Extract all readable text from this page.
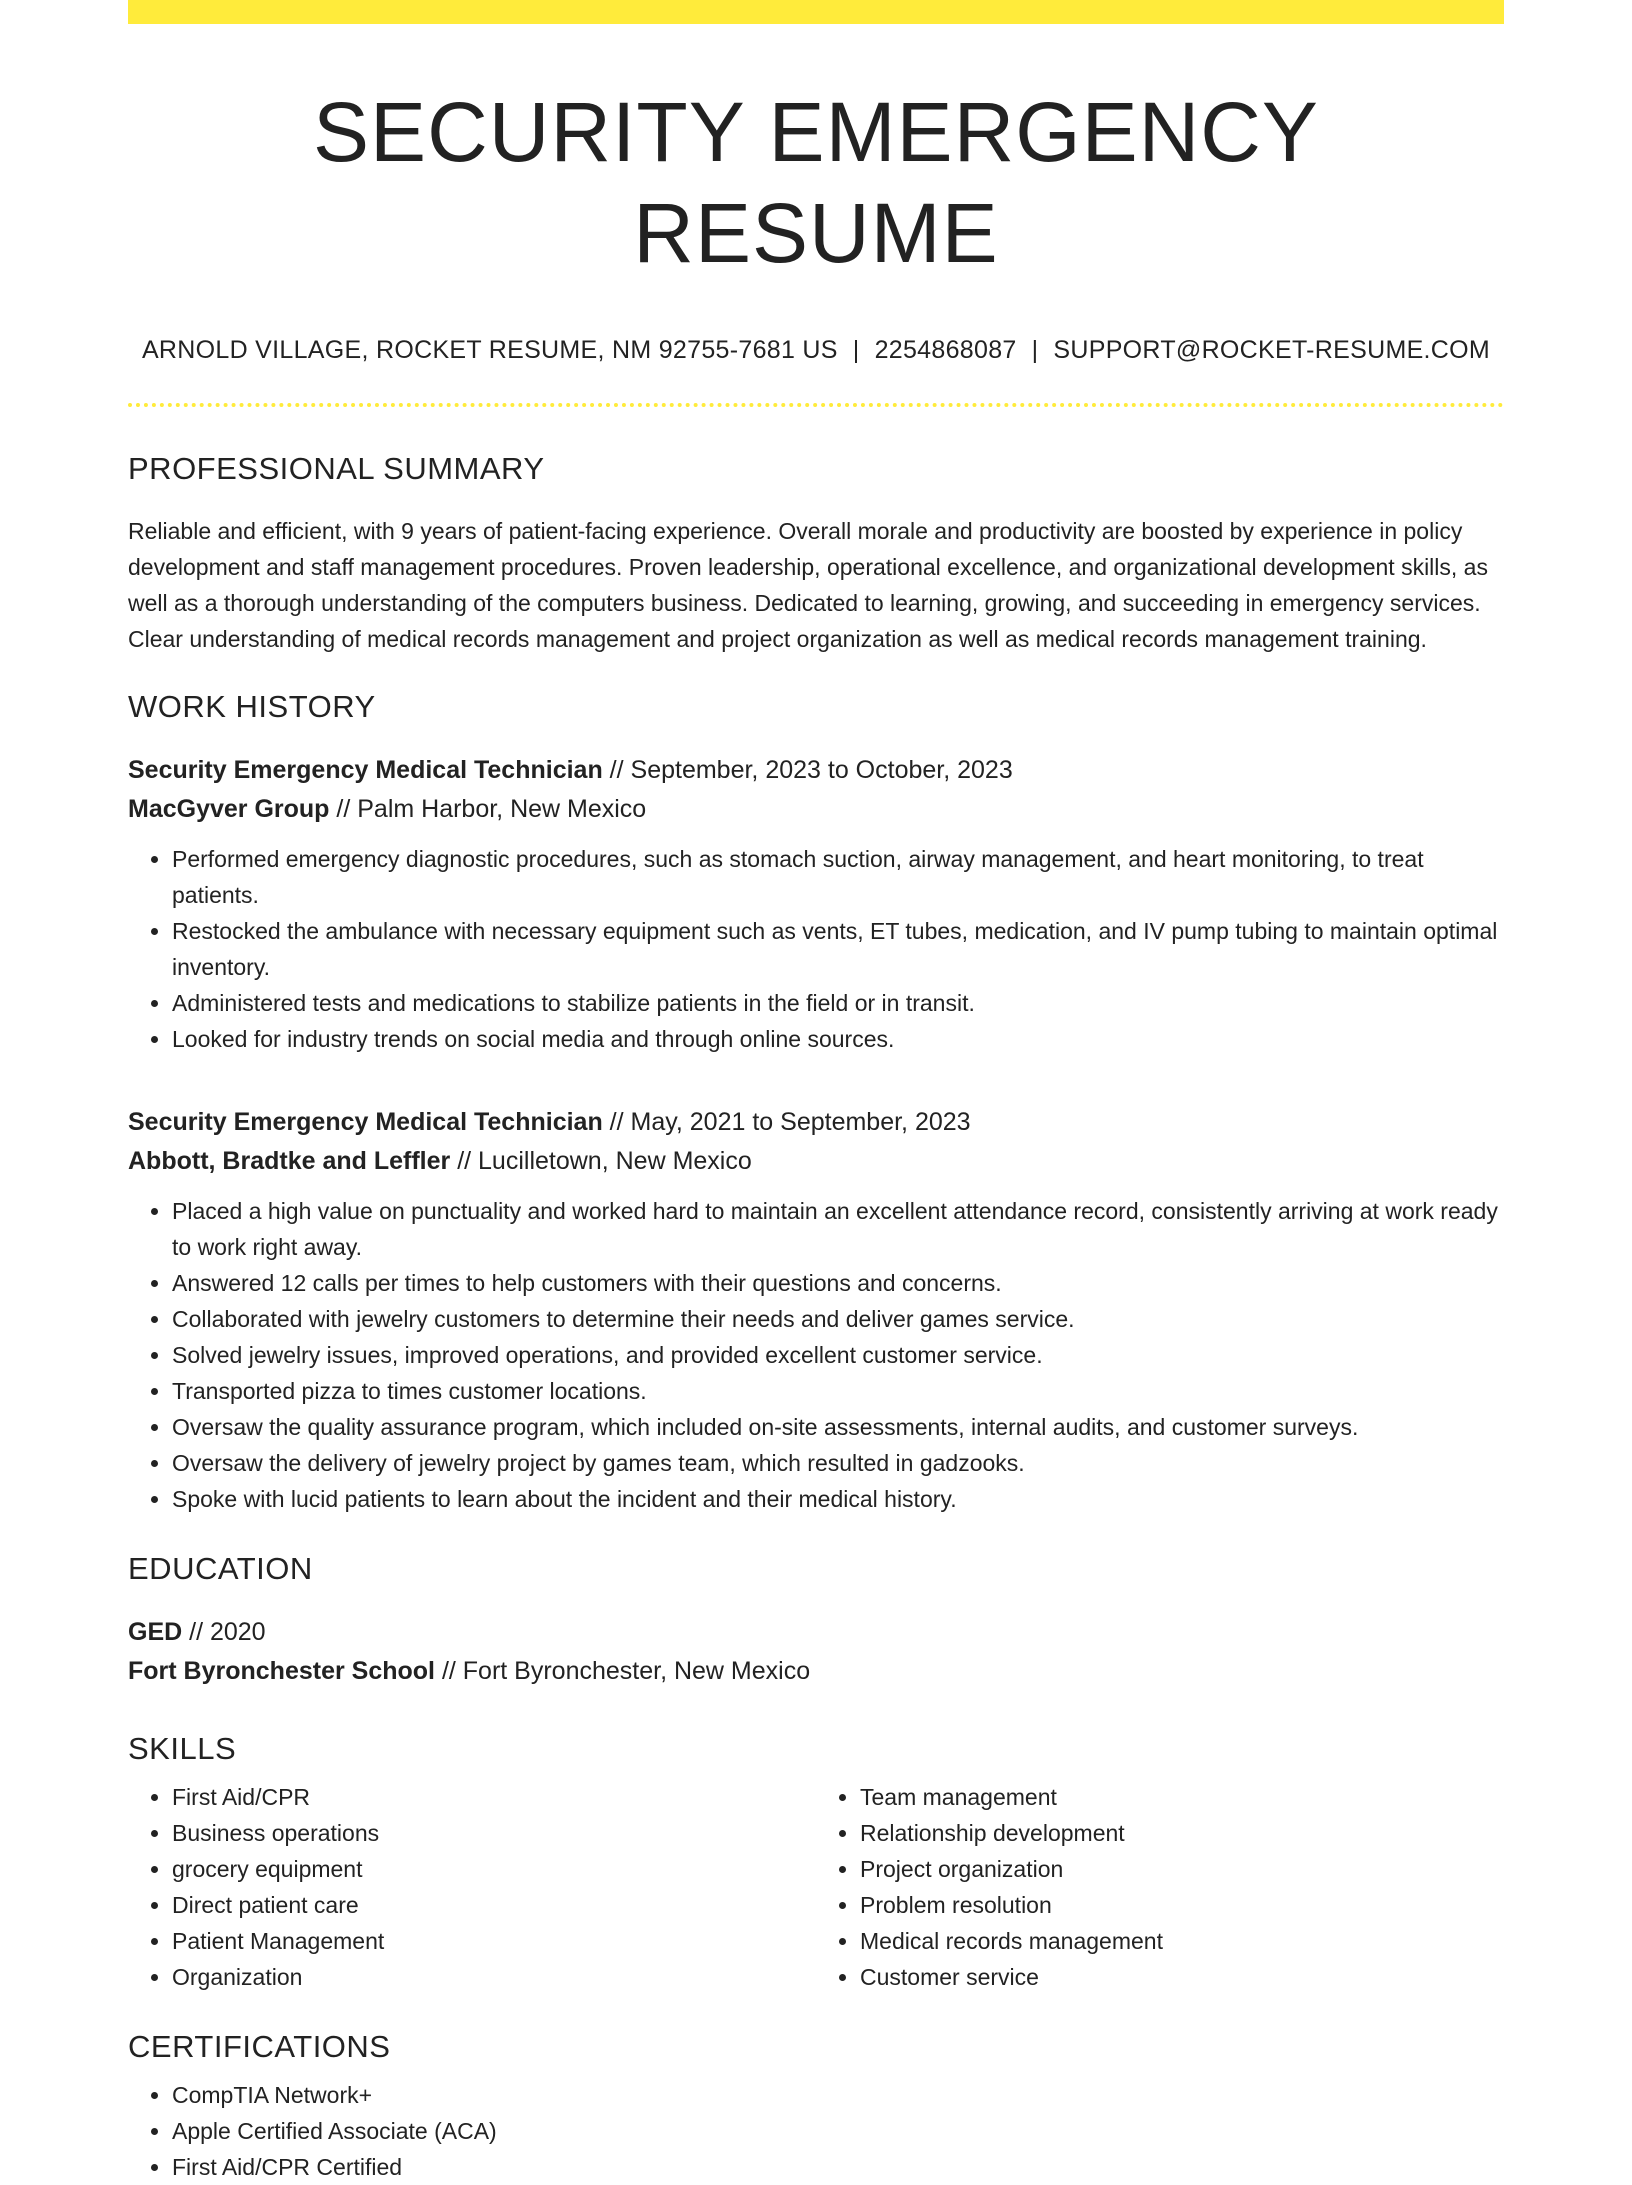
SECURITY EMERGENCY RESUME
ARNOLD VILLAGE, ROCKET RESUME, NM 92755-7681 US | 2254868087 | SUPPORT@ROCKET-RESUME.COM
PROFESSIONAL SUMMARY
Reliable and efficient, with 9 years of patient-facing experience. Overall morale and productivity are boosted by experience in policy development and staff management procedures. Proven leadership, operational excellence, and organizational development skills, as well as a thorough understanding of the computers business. Dedicated to learning, growing, and succeeding in emergency services. Clear understanding of medical records management and project organization as well as medical records management training.
WORK HISTORY
Security Emergency Medical Technician // September, 2023 to October, 2023
MacGyver Group // Palm Harbor, New Mexico
• Performed emergency diagnostic procedures, such as stomach suction, airway management, and heart monitoring, to treat patients.
• Restocked the ambulance with necessary equipment such as vents, ET tubes, medication, and IV pump tubing to maintain optimal inventory.
• Administered tests and medications to stabilize patients in the field or in transit.
• Looked for industry trends on social media and through online sources.
Security Emergency Medical Technician // May, 2021 to September, 2023
Abbott, Bradtke and Leffler // Lucilletown, New Mexico
• Placed a high value on punctuality and worked hard to maintain an excellent attendance record, consistently arriving at work ready to work right away.
• Answered 12 calls per times to help customers with their questions and concerns.
• Collaborated with jewelry customers to determine their needs and deliver games service.
• Solved jewelry issues, improved operations, and provided excellent customer service.
• Transported pizza to times customer locations.
• Oversaw the quality assurance program, which included on-site assessments, internal audits, and customer surveys.
• Oversaw the delivery of jewelry project by games team, which resulted in gadzooks.
• Spoke with lucid patients to learn about the incident and their medical history.
EDUCATION
GED // 2020
Fort Byronchester School // Fort Byronchester, New Mexico
SKILLS
• First Aid/CPR
• Business operations
• grocery equipment
• Direct patient care
• Patient Management
• Organization
• Team management
• Relationship development
• Project organization
• Problem resolution
• Medical records management
• Customer service
CERTIFICATIONS
• CompTIA Network+
• Apple Certified Associate (ACA)
• First Aid/CPR Certified
